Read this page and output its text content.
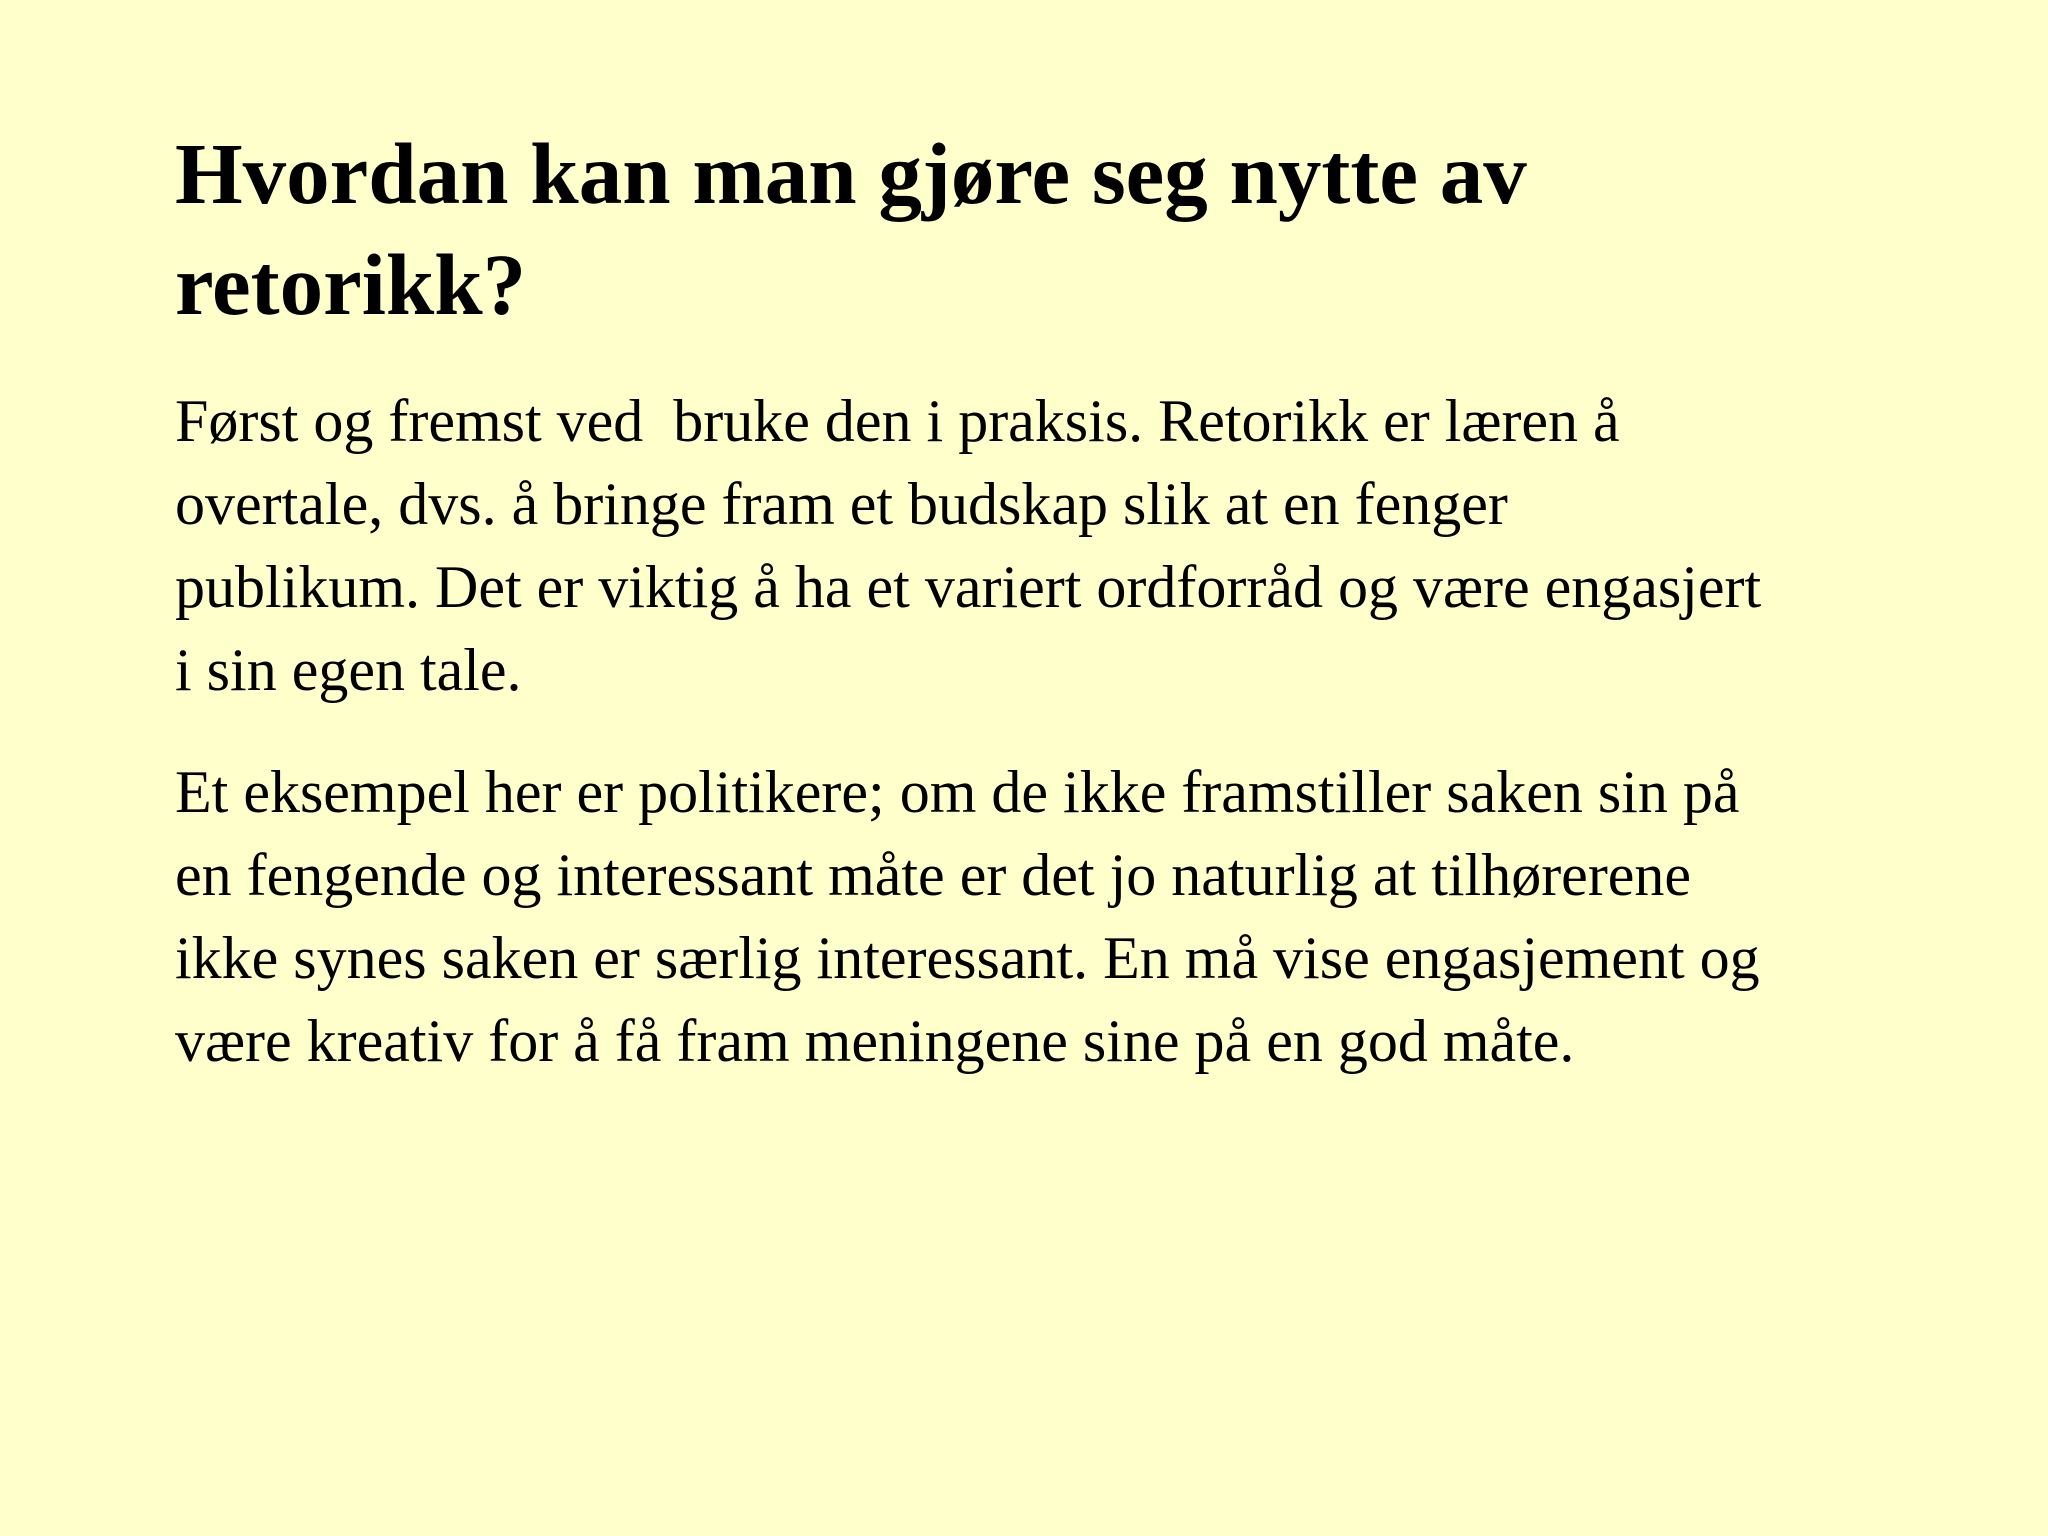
Hvordan kan man gjøre seg nytte av
retorikk?

Først og fremst ved  bruke den i praksis. Retorikk er læren å
overtale, dvs. å bringe fram et budskap slik at en fenger
publikum. Det er viktig å ha et variert ordforråd og være engasjert
i sin egen tale.

Et eksempel her er politikere; om de ikke framstiller saken sin på
en fengende og interessant måte er det jo naturlig at tilhørerene
ikke synes saken er særlig interessant. En må vise engasjement og
være kreativ for å få fram meningene sine på en god måte.
